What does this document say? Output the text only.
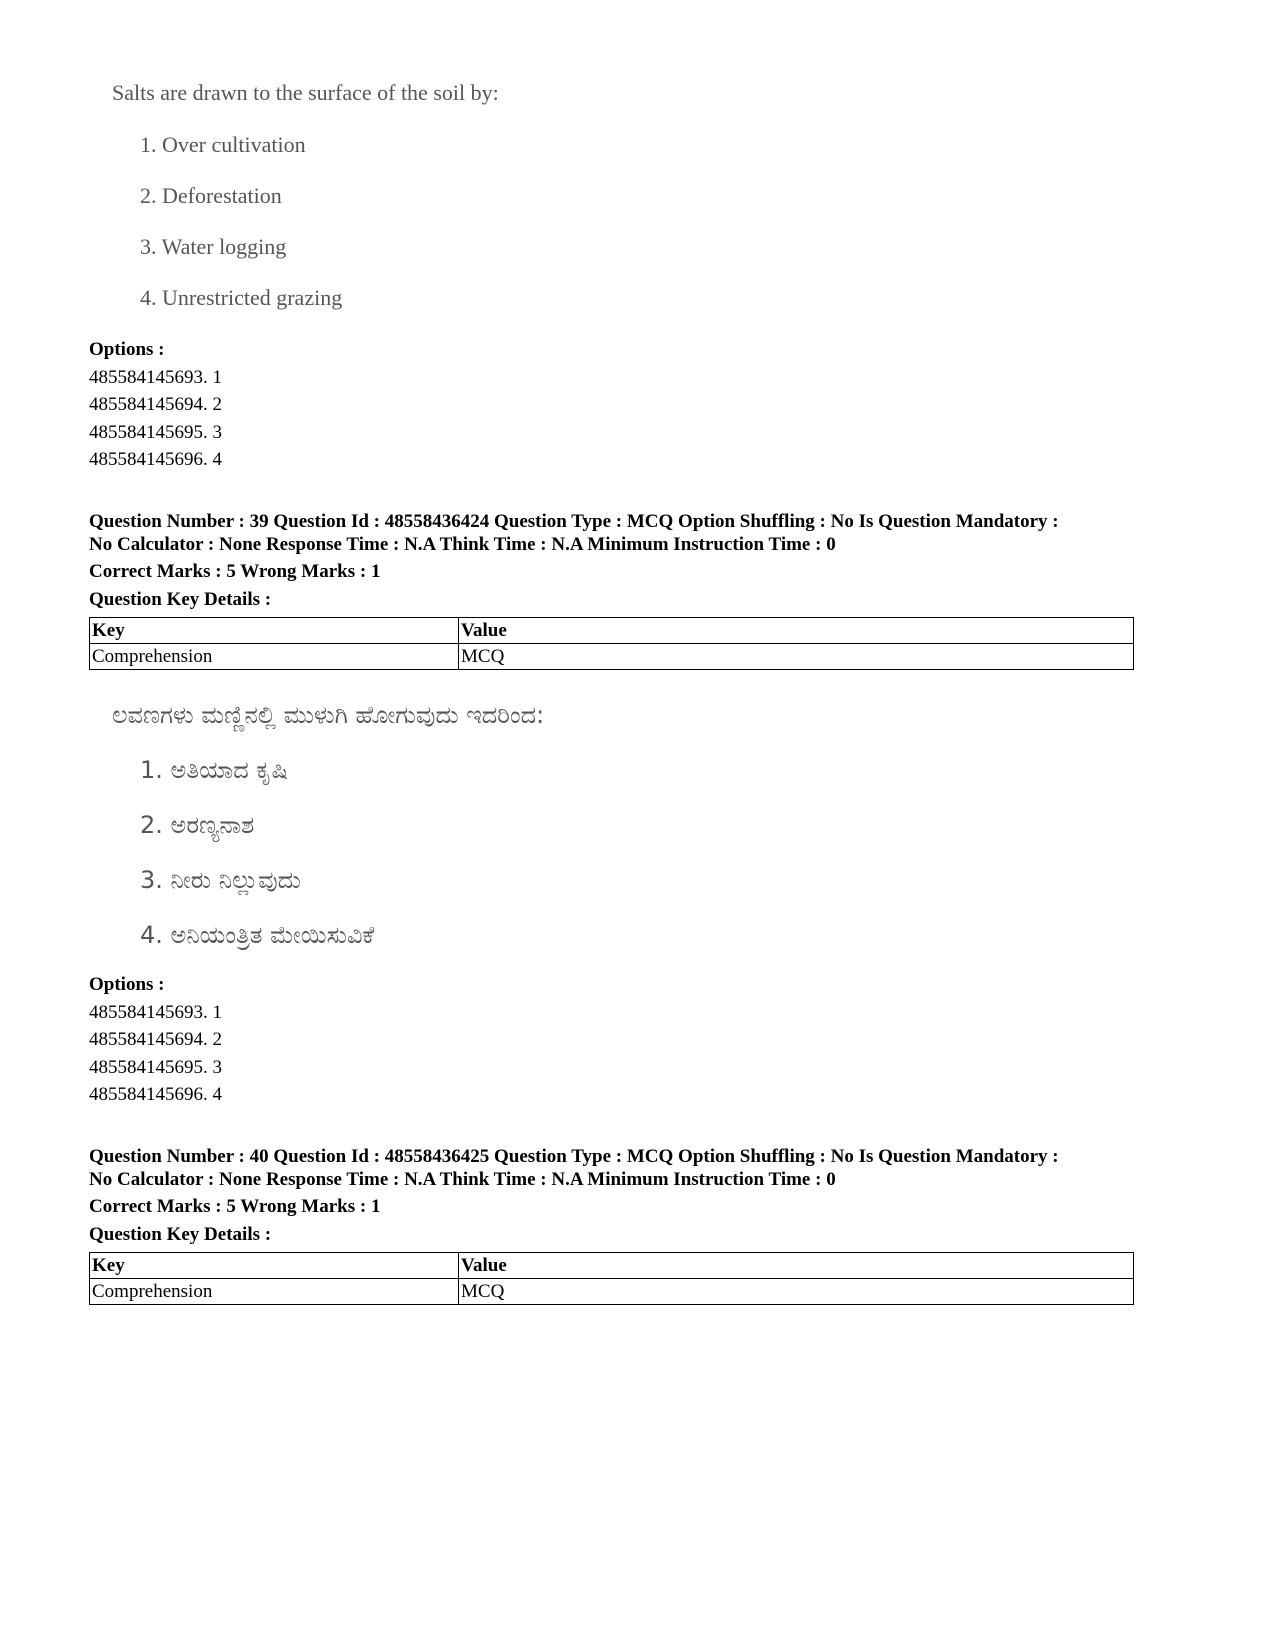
Salts are drawn to the surface of the soil by:

1. Over cultivation
2. Deforestation
3. Water logging
4. Unrestricted grazing
Options :
485584145693. 1
485584145694. 2
485584145695. 3
485584145696. 4
Question Number : 39 Question Id : 48558436424 Question Type : MCQ Option Shuffling : No Is Question Mandatory :
No Calculator : None Response Time : N.A Think Time : N.A Minimum Instruction Time : 0
Correct Marks : 5 Wrong Marks : 1
Question Key Details :
Key	Value
Comprehension	MCQ

ಲವಣಗಳು ಮಣ್ಣಿನಲ್ಲಿ ಮುಳುಗಿ ಹೋಗುವುದು ಇದರಿಂದ:

1. ಅತಿಯಾದ ಕೃಷಿ
2. ಅರಣ್ಯನಾಶ
3. ನೀರು ನಿಲ್ಲುವುದು
4. ಅನಿಯಂತ್ರಿತ ಮೇಯಿಸುವಿಕೆ
Options :
485584145693. 1
485584145694. 2
485584145695. 3
485584145696. 4
Question Number : 40 Question Id : 48558436425 Question Type : MCQ Option Shuffling : No Is Question Mandatory :
No Calculator : None Response Time : N.A Think Time : N.A Minimum Instruction Time : 0
Correct Marks : 5 Wrong Marks : 1
Question Key Details :
Key	Value
Comprehension	MCQ
